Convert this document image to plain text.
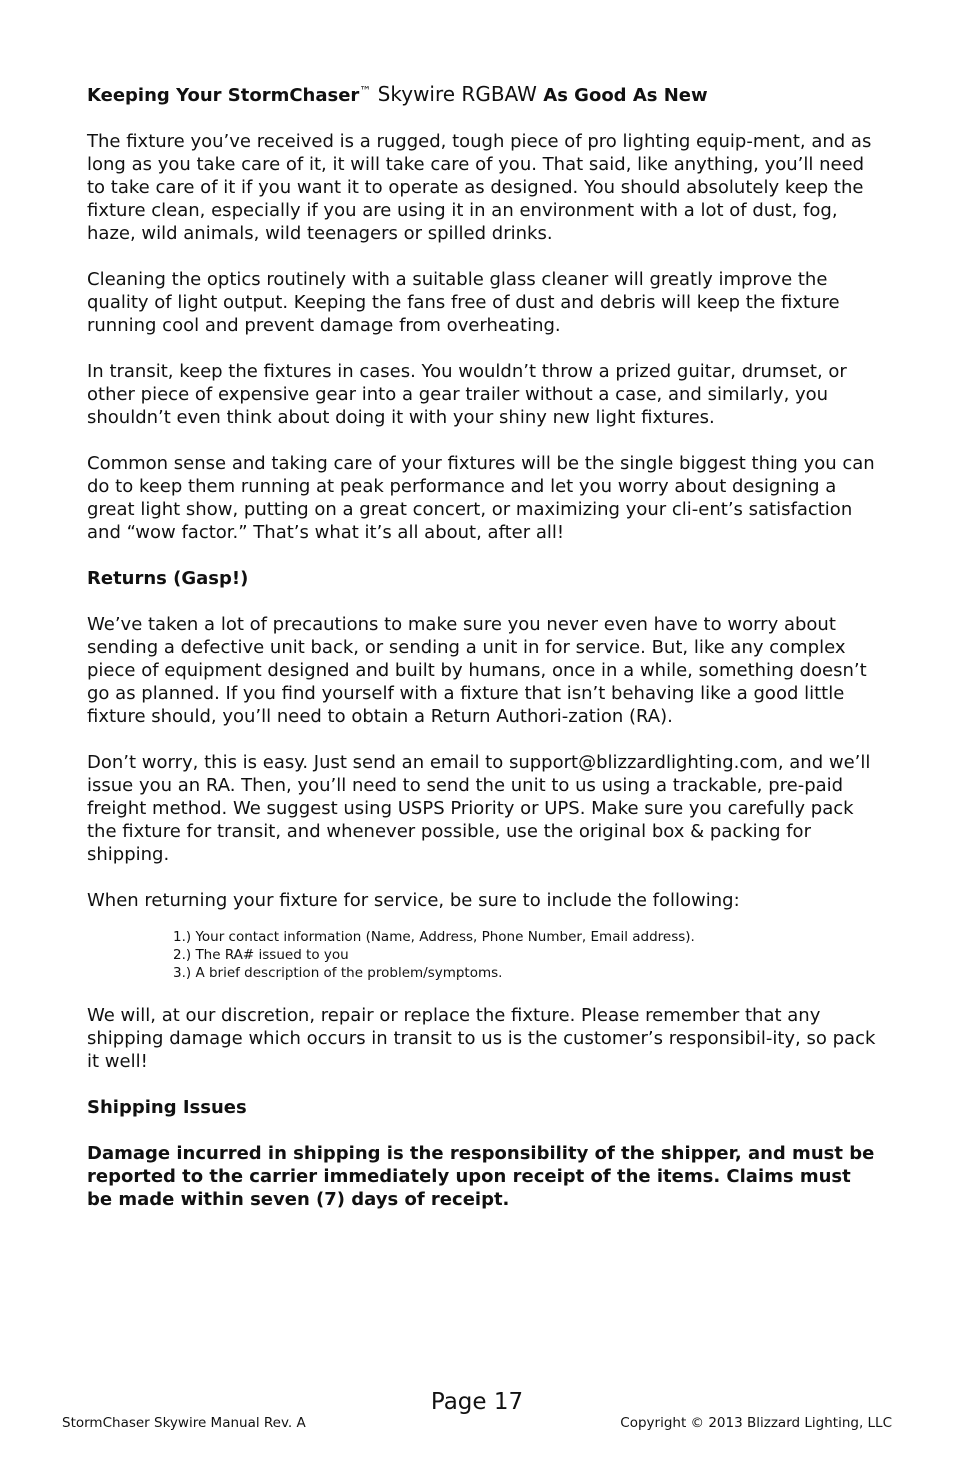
Keeping Your StormChaser™ Skywire RGBAW As Good As New

The fixture you’ve received is a rugged, tough piece of pro lighting equip-ment, and as long as you take care of it, it will take care of you. That said, like anything, you’ll need to take care of it if you want it to operate as designed. You should absolutely keep the fixture clean, especially if you are using it in an environment with a lot of dust, fog, haze, wild animals, wild teenagers or spilled drinks.

Cleaning the optics routinely with a suitable glass cleaner will greatly improve the quality of light output. Keeping the fans free of dust and debris will keep the fixture running cool and prevent damage from overheating.

In transit, keep the fixtures in cases. You wouldn’t throw a prized guitar, drumset, or other piece of expensive gear into a gear trailer without a case, and similarly, you shouldn’t even think about doing it with your shiny new light fixtures.

Common sense and taking care of your fixtures will be the single biggest thing you can do to keep them running at peak performance and let you worry about designing a great light show, putting on a great concert, or maximizing your cli-ent’s satisfaction and “wow factor.” That’s what it’s all about, after all!

Returns (Gasp!)

We’ve taken a lot of precautions to make sure you never even have to worry about sending a defective unit back, or sending a unit in for service. But, like any complex piece of equipment designed and built by humans, once in a while, something doesn’t go as planned. If you find yourself with a fixture that isn’t behaving like a good little fixture should, you’ll need to obtain a Return Authori-zation (RA).

Don’t worry, this is easy. Just send an email to support@blizzardlighting.com, and we’ll issue you an RA. Then, you’ll need to send the unit to us using a trackable, pre-paid freight method. We suggest using USPS Priority or UPS. Make sure you carefully pack the fixture for transit, and whenever possible, use the original box & packing for shipping.

When returning your fixture for service, be sure to include the following:

1.) Your contact information (Name, Address, Phone Number, Email address).
2.) The RA# issued to you
3.) A brief description of the problem/symptoms.

We will, at our discretion, repair or replace the fixture. Please remember that any shipping damage which occurs in transit to us is the customer’s responsibil-ity, so pack it well!

Shipping Issues

Damage incurred in shipping is the responsibility of the shipper, and must be reported to the carrier immediately upon receipt of the items. Claims must be made within seven (7) days of receipt.

Page 17
StormChaser Skywire Manual Rev. A	Copyright © 2013 Blizzard Lighting, LLC
